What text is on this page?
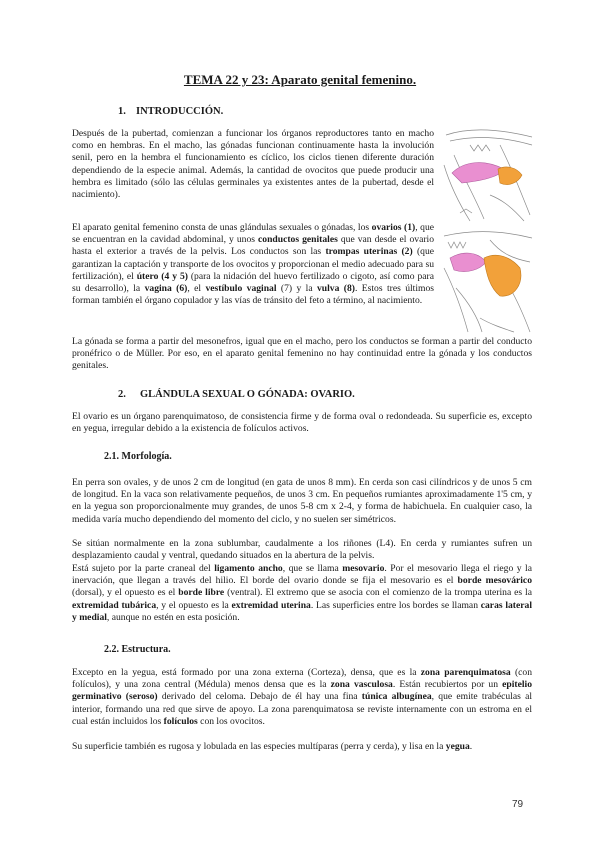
TEMA 22 y 23: Aparato genital femenino.
1. INTRODUCCIÓN.

Después de la pubertad, comienzan a funcionar los órganos reproductores tanto en macho como en hembras. En el macho, las gónadas funcionan continuamente hasta la involución senil, pero en la hembra el funcionamiento es cíclico, los ciclos tienen diferente duración dependiendo de la especie animal. Además, la cantidad de ovocitos que puede producir una hembra es limitado (sólo las células germinales ya existentes antes de la pubertad, desde el nacimiento).

El aparato genital femenino consta de unas glándulas sexuales o gónadas, los ovarios (1), que se encuentran en la cavidad abdominal, y unos conductos genitales que van desde el ovario hasta el exterior a través de la pelvis. Los conductos son las trompas uterinas (2) (que garantizan la captación y transporte de los ovocitos y proporcionan el medio adecuado para su fertilización), el útero (4 y 5) (para la nidación del huevo fertilizado o cigoto, así como para su desarrollo), la vagina (6), el vestíbulo vaginal (7) y la vulva (8). Estos tres últimos forman también el órgano copulador y las vías de tránsito del feto a término, al nacimiento.

La gónada se forma a partir del mesonefros, igual que en el macho, pero los conductos se forman a partir del conducto pronéfrico o de Müller. Por eso, en el aparato genital femenino no hay continuidad entre la gónada y los conductos genitales.

2. GLÁNDULA SEXUAL O GÓNADA: OVARIO.

El ovario es un órgano parenquimatoso, de consistencia firme y de forma oval o redondeada. Su superficie es, excepto en yegua, irregular debido a la existencia de folículos activos.

2.1. Morfología.

En perra son ovales, y de unos 2 cm de longitud (en gata de unos 8 mm). En cerda son casi cilíndricos y de unos 5 cm de longitud. En la vaca son relativamente pequeños, de unos 3 cm. En pequeños rumiantes aproximadamente 1'5 cm, y en la yegua son proporcionalmente muy grandes, de unos 5-8 cm x 2-4, y forma de habichuela. En cualquier caso, la medida varía mucho dependiendo del momento del ciclo, y no suelen ser simétricos.

Se sitúan normalmente en la zona sublumbar, caudalmente a los riñones (L4). En cerda y rumiantes sufren un desplazamiento caudal y ventral, quedando situados en la abertura de la pelvis.

Está sujeto por la parte craneal del ligamento ancho, que se llama mesovario. Por el mesovario llega el riego y la inervación, que llegan a través del hilio. El borde del ovario donde se fija el mesovario es el borde mesovárico (dorsal), y el opuesto es el borde libre (ventral). El extremo que se asocia con el comienzo de la trompa uterina es la extremidad tubárica, y el opuesto es la extremidad uterina. Las superficies entre los bordes se llaman caras lateral y medial, aunque no estén en esta posición.

2.2. Estructura.

Excepto en la yegua, está formado por una zona externa (Corteza), densa, que es la zona parenquimatosa (con folículos), y una zona central (Médula) menos densa que es la zona vasculosa. Están recubiertos por un epitelio germinativo (seroso) derivado del celoma. Debajo de él hay una fina túnica albugínea, que emite trabéculas al interior, formando una red que sirve de apoyo. La zona parenquimatosa se reviste internamente con un estroma en el cual están incluidos los folículos con los ovocitos.

Su superficie también es rugosa y lobulada en las especies multíparas (perra y cerda), y lisa en la yegua.

79
